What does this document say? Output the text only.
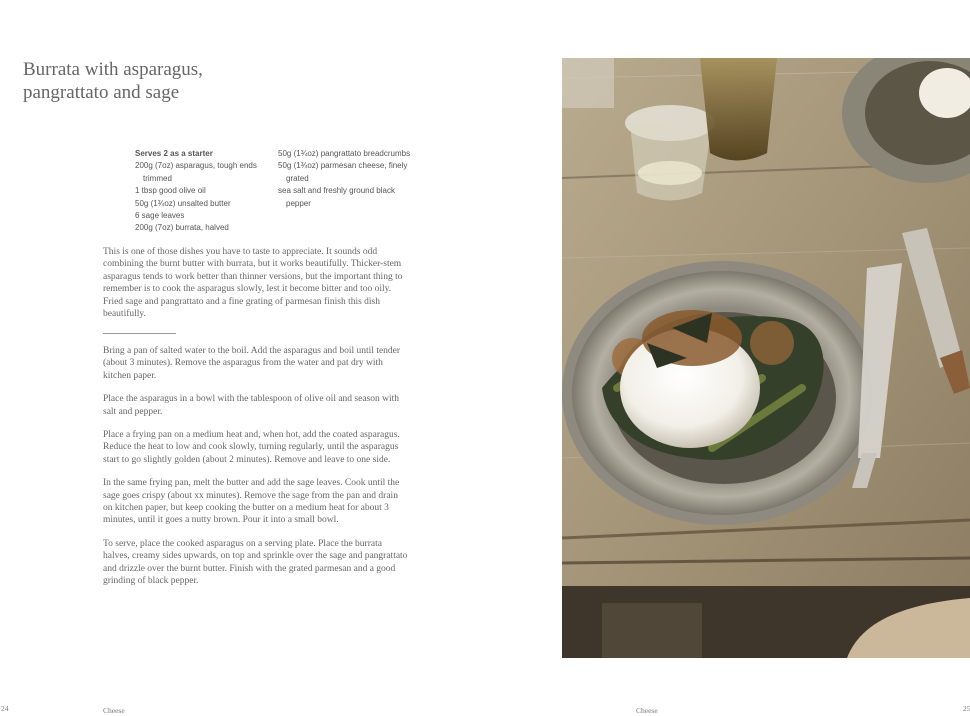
Burrata with asparagus,
pangrattato and sage
Serves 2 as a starter
200g (7oz) asparagus, tough ends trimmed
1 tbsp good olive oil
50g (1¾oz) unsalted butter
6 sage leaves
200g (7oz) burrata, halved
50g (1¾oz) pangrattato breadcrumbs
50g (1¾oz) parmesan cheese, finely grated
sea salt and freshly ground black pepper

This is one of those dishes you have to taste to appreciate. It sounds odd combining the burnt butter with burrata, but it works beautifully. Thicker-stem asparagus tends to work better than thinner versions, but the important thing to remember is to cook the asparagus slowly, lest it become bitter and too oily. Fried sage and pangrattato and a fine grating of parmesan finish this dish beautifully.

Bring a pan of salted water to the boil. Add the asparagus and boil until tender (about 3 minutes). Remove the asparagus from the water and pat dry with kitchen paper.

Place the asparagus in a bowl with the tablespoon of olive oil and season with salt and pepper.

Place a frying pan on a medium heat and, when hot, add the coated asparagus. Reduce the heat to low and cook slowly, turning regularly, until the asparagus start to go slightly golden (about 2 minutes). Remove and leave to one side.

In the same frying pan, melt the butter and add the sage leaves. Cook until the sage goes crispy (about xx minutes). Remove the sage from the pan and drain on kitchen paper, but keep cooking the butter on a medium heat for about 3 minutes, until it goes a nutty brown. Pour it into a small bowl.

To serve, place the cooked asparagus on a serving plate. Place the burrata halves, creamy sides upwards, on top and sprinkle over the sage and pangrattato and drizzle over the burnt butter. Finish with the grated parmesan and a good grinding of black pepper.

24	Cheese	Cheese	25
